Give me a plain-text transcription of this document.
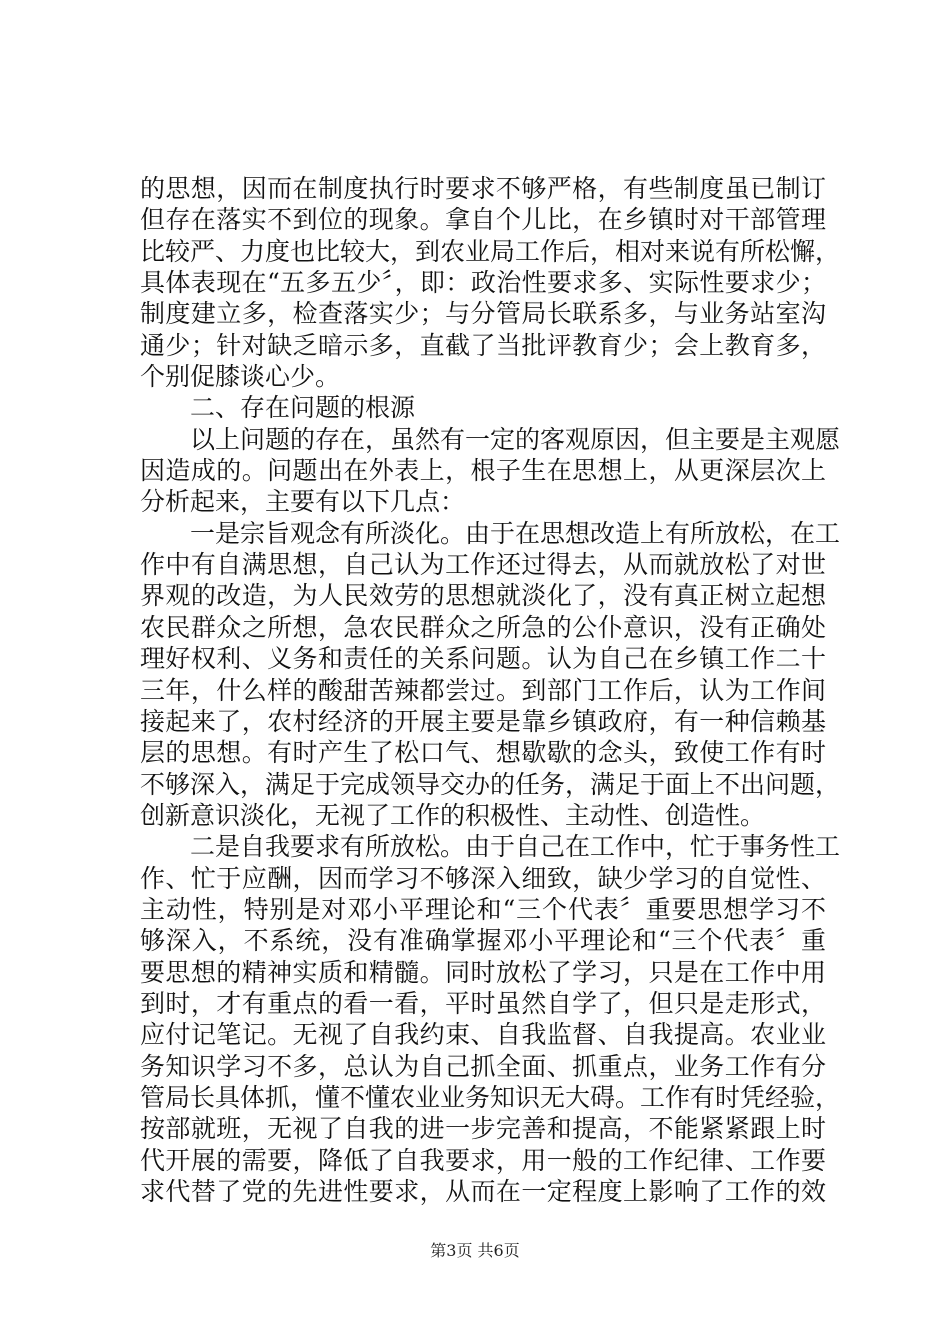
的思想，因而在制度执行时要求不够严格，有些制度虽已制订
但存在落实不到位的现象。拿自个儿比，在乡镇时对干部管理
比较严、力度也比较大，到农业局工作后，相对来说有所松懈，
具体表现在“五多五少〞，即：政治性要求多、实际性要求少；
制度建立多，检查落实少；与分管局长联系多，与业务站室沟
通少；针对缺乏暗示多，直截了当批评教育少；会上教育多，
个别促膝谈心少。
二、存在问题的根源
以上问题的存在，虽然有一定的客观原因，但主要是主观愿
因造成的。问题出在外表上，根子生在思想上，从更深层次上
分析起来，主要有以下几点：
一是宗旨观念有所淡化。由于在思想改造上有所放松，在工
作中有自满思想，自己认为工作还过得去，从而就放松了对世
界观的改造，为人民效劳的思想就淡化了，没有真正树立起想
农民群众之所想，急农民群众之所急的公仆意识，没有正确处
理好权利、义务和责任的关系问题。认为自己在乡镇工作二十
三年，什么样的酸甜苦辣都尝过。到部门工作后，认为工作间
接起来了，农村经济的开展主要是靠乡镇政府，有一种信赖基
层的思想。有时产生了松口气、想歇歇的念头，致使工作有时
不够深入，满足于完成领导交办的任务，满足于面上不出问题，
创新意识淡化，无视了工作的积极性、主动性、创造性。
二是自我要求有所放松。由于自己在工作中，忙于事务性工
作、忙于应酬，因而学习不够深入细致，缺少学习的自觉性、
主动性，特别是对邓小平理论和“三个代表〞重要思想学习不
够深入，不系统，没有准确掌握邓小平理论和“三个代表〞重
要思想的精神实质和精髓。同时放松了学习，只是在工作中用
到时，才有重点的看一看，平时虽然自学了，但只是走形式，
应付记笔记。无视了自我约束、自我监督、自我提高。农业业
务知识学习不多，总认为自己抓全面、抓重点，业务工作有分
管局长具体抓，懂不懂农业业务知识无大碍。工作有时凭经验，
按部就班，无视了自我的进一步完善和提高，不能紧紧跟上时
代开展的需要，降低了自我要求，用一般的工作纪律、工作要
求代替了党的先进性要求，从而在一定程度上影响了工作的效
第3页 共6页
